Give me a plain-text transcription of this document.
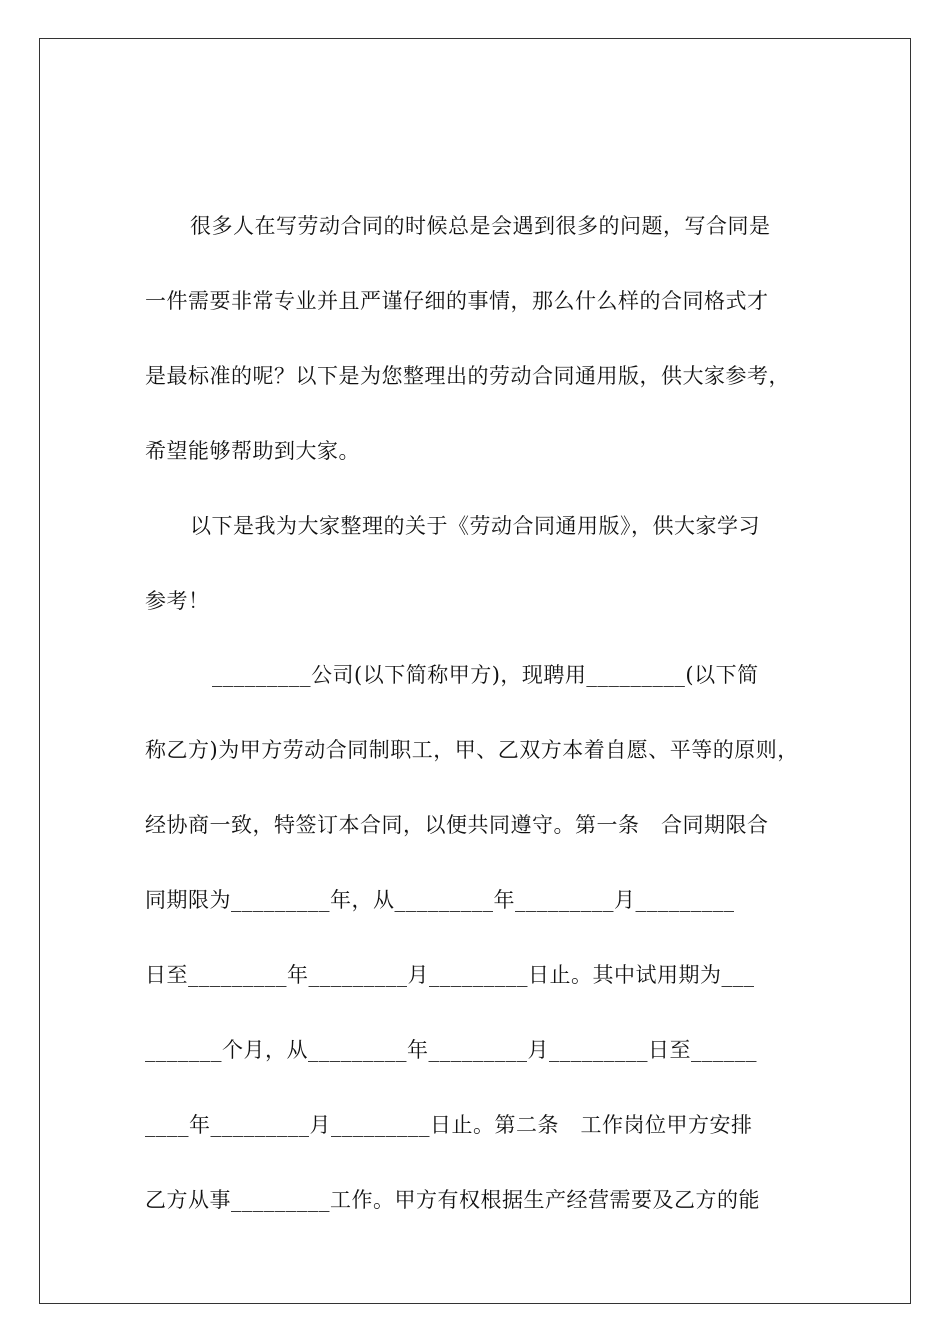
很多人在写劳动合同的时候总是会遇到很多的问题，写合同是
一件需要非常专业并且严谨仔细的事情，那么什么样的合同格式才
是最标准的呢？以下是为您整理出的劳动合同通用版，供大家参考，
希望能够帮助到大家。
以下是我为大家整理的关于《劳动合同通用版》，供大家学习
参考！
_________公司(以下简称甲方)，现聘用_________(以下简
称乙方)为甲方劳动合同制职工，甲、乙双方本着自愿、平等的原则，
经协商一致，特签订本合同，以便共同遵守。第一条　合同期限合
同期限为_________年，从_________年_________月_________
日至_________年_________月_________日止。其中试用期为___
_______个月，从_________年_________月_________日至______
____年_________月_________日止。第二条　工作岗位甲方安排
乙方从事_________工作。甲方有权根据生产经营需要及乙方的能
